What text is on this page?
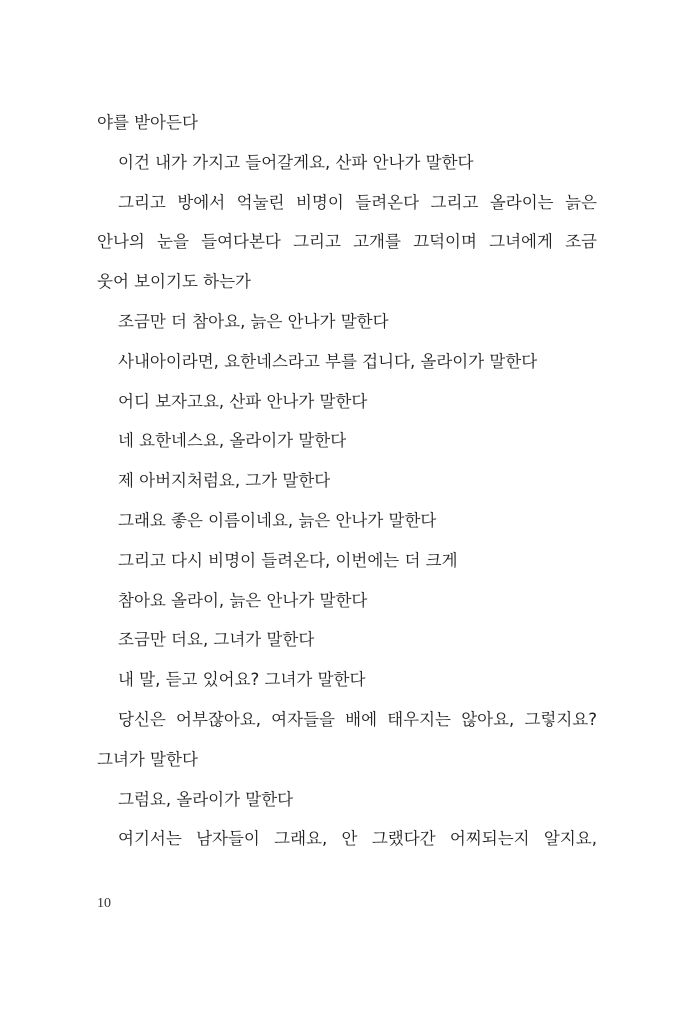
야를 받아든다
이건 내가 가지고 들어갈게요, 산파 안나가 말한다
그리고 방에서 억눌린 비명이 들려온다 그리고 올라이는 늙은
안나의 눈을 들여다본다 그리고 고개를 끄덕이며 그녀에게 조금
웃어 보이기도 하는가
조금만 더 참아요, 늙은 안나가 말한다
사내아이라면, 요한네스라고 부를 겁니다, 올라이가 말한다
어디 보자고요, 산파 안나가 말한다
네 요한네스요, 올라이가 말한다
제 아버지처럼요, 그가 말한다
그래요 좋은 이름이네요, 늙은 안나가 말한다
그리고 다시 비명이 들려온다, 이번에는 더 크게
참아요 올라이, 늙은 안나가 말한다
조금만 더요, 그녀가 말한다
내 말, 듣고 있어요? 그녀가 말한다
당신은 어부잖아요, 여자들을 배에 태우지는 않아요, 그렇지요?
그녀가 말한다
그럼요, 올라이가 말한다
여기서는 남자들이 그래요, 안 그랬다간 어찌되는지 알지요,
10
